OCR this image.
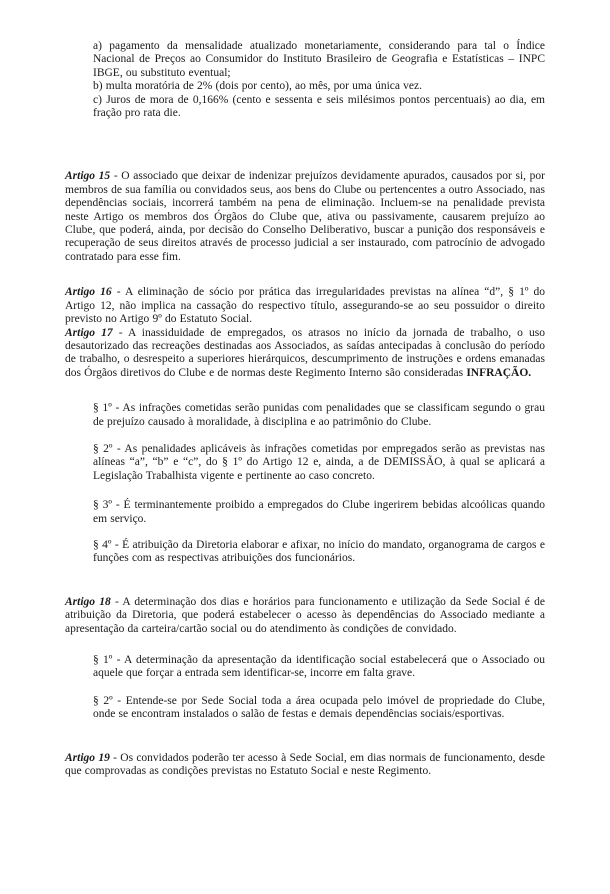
a) pagamento da mensalidade atualizado monetariamente, considerando para tal o Índice Nacional de Preços ao Consumidor do Instituto Brasileiro de Geografia e Estatísticas – INPC IBGE, ou substituto eventual;
b) multa moratória de 2% (dois por cento), ao mês, por uma única vez.
c) Juros de mora de 0,166% (cento e sessenta e seis milésimos pontos percentuais) ao dia, em fração pro rata die.
Artigo 15 - O associado que deixar de indenizar prejuízos devidamente apurados, causados por si, por membros de sua família ou convidados seus, aos bens do Clube ou pertencentes a outro Associado, nas dependências sociais, incorrerá também na pena de eliminação. Incluem-se na penalidade prevista neste Artigo os membros dos Órgãos do Clube que, ativa ou passivamente, causarem prejuízo ao Clube, que poderá, ainda, por decisão do Conselho Deliberativo, buscar a punição dos responsáveis e recuperação de seus direitos através de processo judicial a ser instaurado, com patrocínio de advogado contratado para esse fim.
Artigo 16 - A eliminação de sócio por prática das irregularidades previstas na alínea “d”, § 1º do Artigo 12, não implica na cassação do respectivo título, assegurando-se ao seu possuidor o direito previsto no Artigo 9º do Estatuto Social.
Artigo 17 - A inassiduidade de empregados, os atrasos no início da jornada de trabalho, o uso desautorizado das recreações destinadas aos Associados, as saídas antecipadas à conclusão do período de trabalho, o desrespeito a superiores hierárquicos, descumprimento de instruções e ordens emanadas dos Órgãos diretivos do Clube e de normas deste Regimento Interno são consideradas INFRAÇÃO.
§ 1º - As infrações cometidas serão punidas com penalidades que se classificam segundo o grau de prejuízo causado à moralidade, à disciplina e ao patrimônio do Clube.
§ 2º - As penalidades aplicáveis às infrações cometidas por empregados serão as previstas nas alíneas “a”, “b” e “c”, do § 1º do Artigo 12 e, ainda, a de DEMISSÃO, à qual se aplicará a Legislação Trabalhista vigente e pertinente ao caso concreto.
§ 3º - É terminantemente proibido a empregados do Clube ingerirem bebidas alcoólicas quando em serviço.
§ 4º - É atribuição da Diretoria elaborar e afixar, no início do mandato, organograma de cargos e funções com as respectivas atribuições dos funcionários.
Artigo 18 - A determinação dos dias e horários para funcionamento e utilização da Sede Social é de atribuição da Diretoria, que poderá estabelecer o acesso às dependências do Associado mediante a apresentação da carteira/cartão social ou do atendimento às condições de convidado.
§ 1º - A determinação da apresentação da identificação social estabelecerá que o Associado ou aquele que forçar a entrada sem identificar-se, incorre em falta grave.
§ 2º - Entende-se por Sede Social toda a área ocupada pelo imóvel de propriedade do Clube, onde se encontram instalados o salão de festas e demais dependências sociais/esportivas.
Artigo 19 - Os convidados poderão ter acesso à Sede Social, em dias normais de funcionamento, desde que comprovadas as condições previstas no Estatuto Social e neste Regimento.
